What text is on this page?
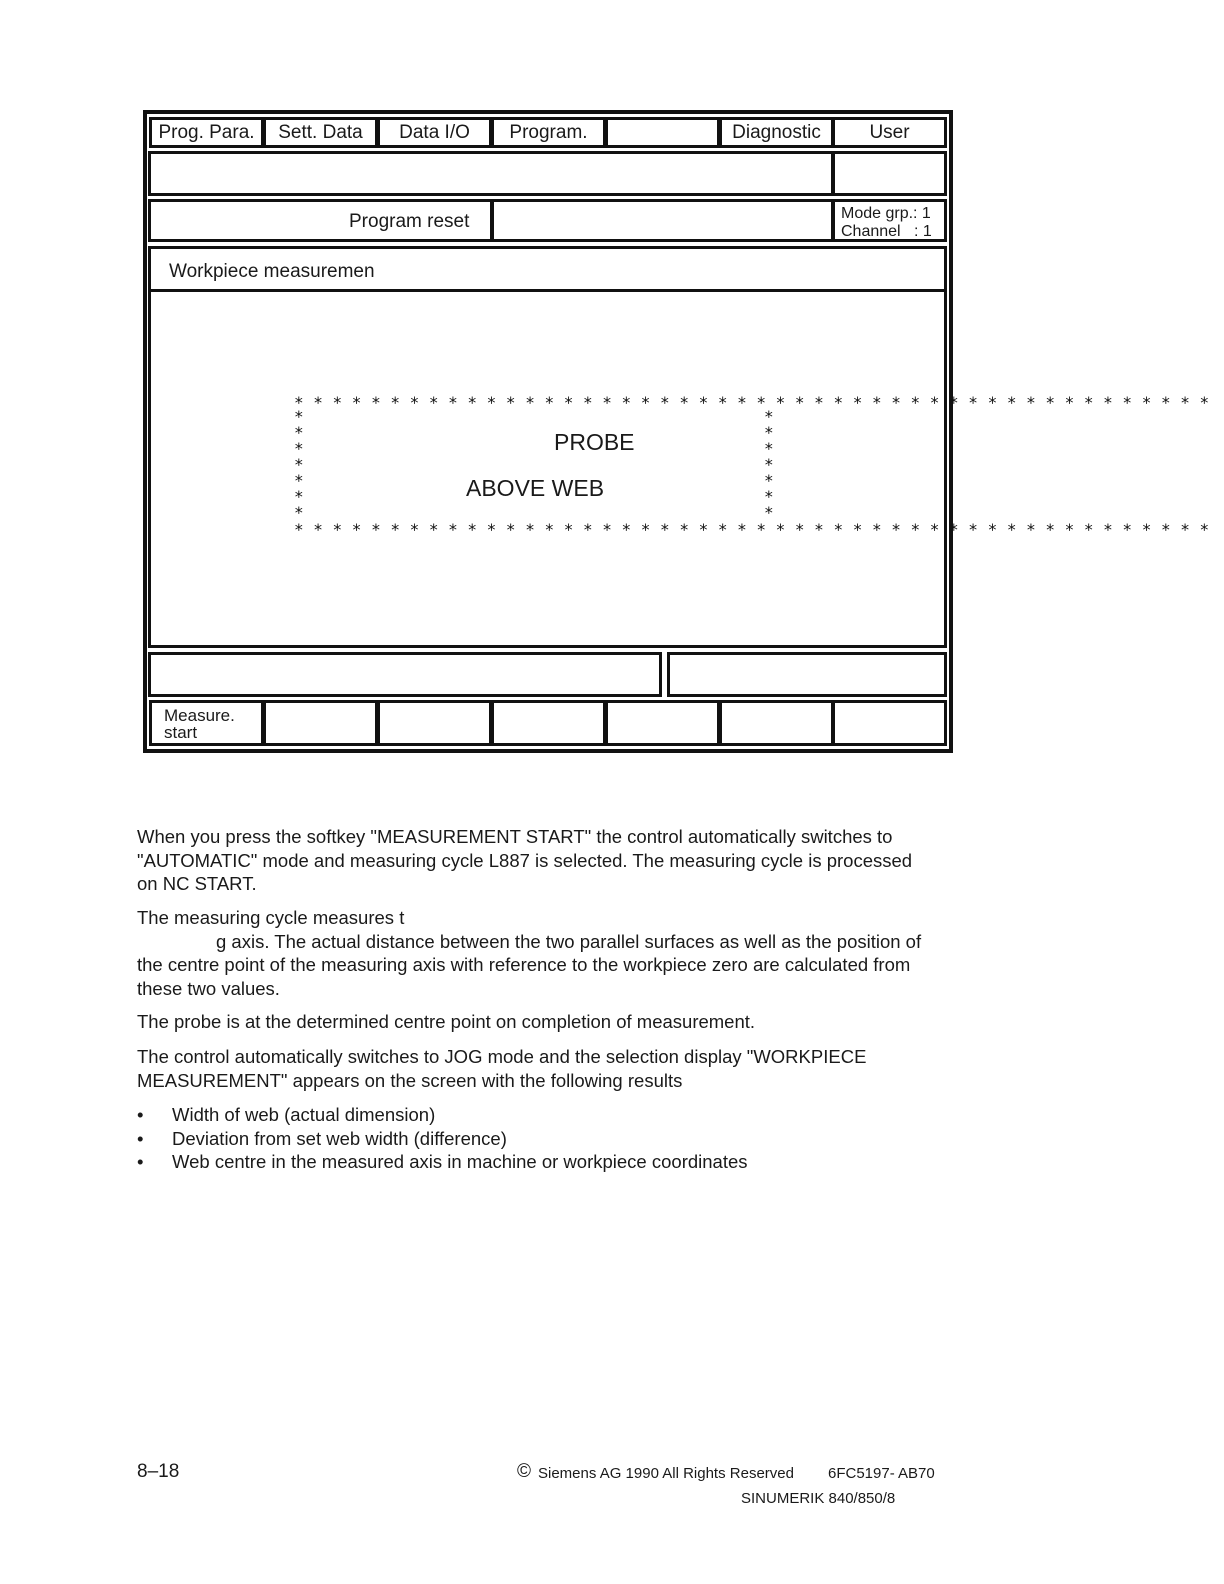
Prog. Para.	Sett. Data	Data I/O	Program.	Diagnostic	User
Program reset	Mode grp.: 1
Channel   : 1
Workpiece measuremen
* * * * * * * * * * * * * * * * * * * * * * * * * * * * * * * * * * * * * * * * * * * * * * * *
* * * * * * * * * * * * * * * * * * * * * * * * * * * * * * * * * * * * * * * * * * * * * * * *
*
*
*
*
*
*
*
*
*
*
*
*
*
*
PROBE
ABOVE WEB
Measure.
start
When you press the softkey "MEASUREMENT START" the control automatically switches to "AUTOMATIC" mode and measuring cycle L887 is selected. The measuring cycle is processed on NC START.
The measuring cycle measures t
g axis. The actual distance between the two parallel surfaces as well as the position of the centre point of the measuring axis with reference to the workpiece zero are calculated from these two values.
The probe is at the determined centre point on completion of measurement.
The control automatically switches to JOG mode and the selection display "WORKPIECE MEASUREMENT" appears on the screen with the following results
• Width of web (actual dimension)
• Deviation from set web width (difference)
• Web centre in the measured axis in machine or workpiece coordinates
8–18	© Siemens AG 1990 All Rights Reserved 6FC5197- AB70
SINUMERIK 840/850/8
